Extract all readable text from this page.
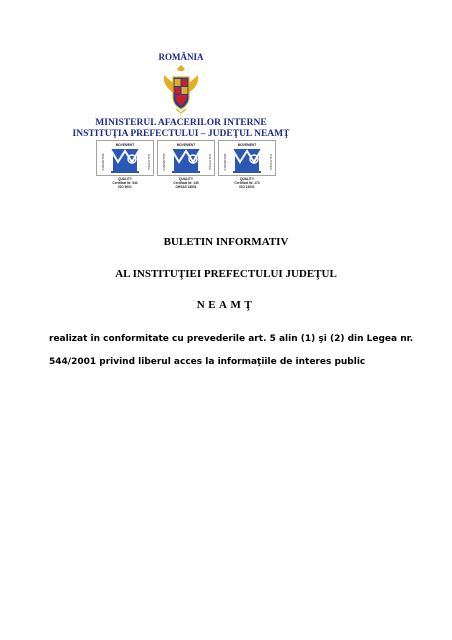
ROMÂNIA
MINISTERUL AFACERILOR INTERNE
INSTITUŢIA PREFECTULUI – JUDEŢUL NEAMŢ
MOVEMENT
SIGURANTA	CALITATEA
QUALITY
Certificat Nr. 544
ISO 9001
MOVEMENT
SIGURANTA	CALITATEA
QUALITY
Certificat Nr. 149
OHSAS 18001
MOVEMENT
SIGURANTA	CALITATEA
QUALITY
Certificat Nr. 174
ISO 14001
BULETIN INFORMATIV
AL INSTITUŢIEI PREFECTULUI JUDEŢUL
NEAMŢ
realizat în conformitate cu prevederile art. 5 alin (1) şi (2) din Legea nr.
544/2001 privind liberul acces la informaţiile de interes public
